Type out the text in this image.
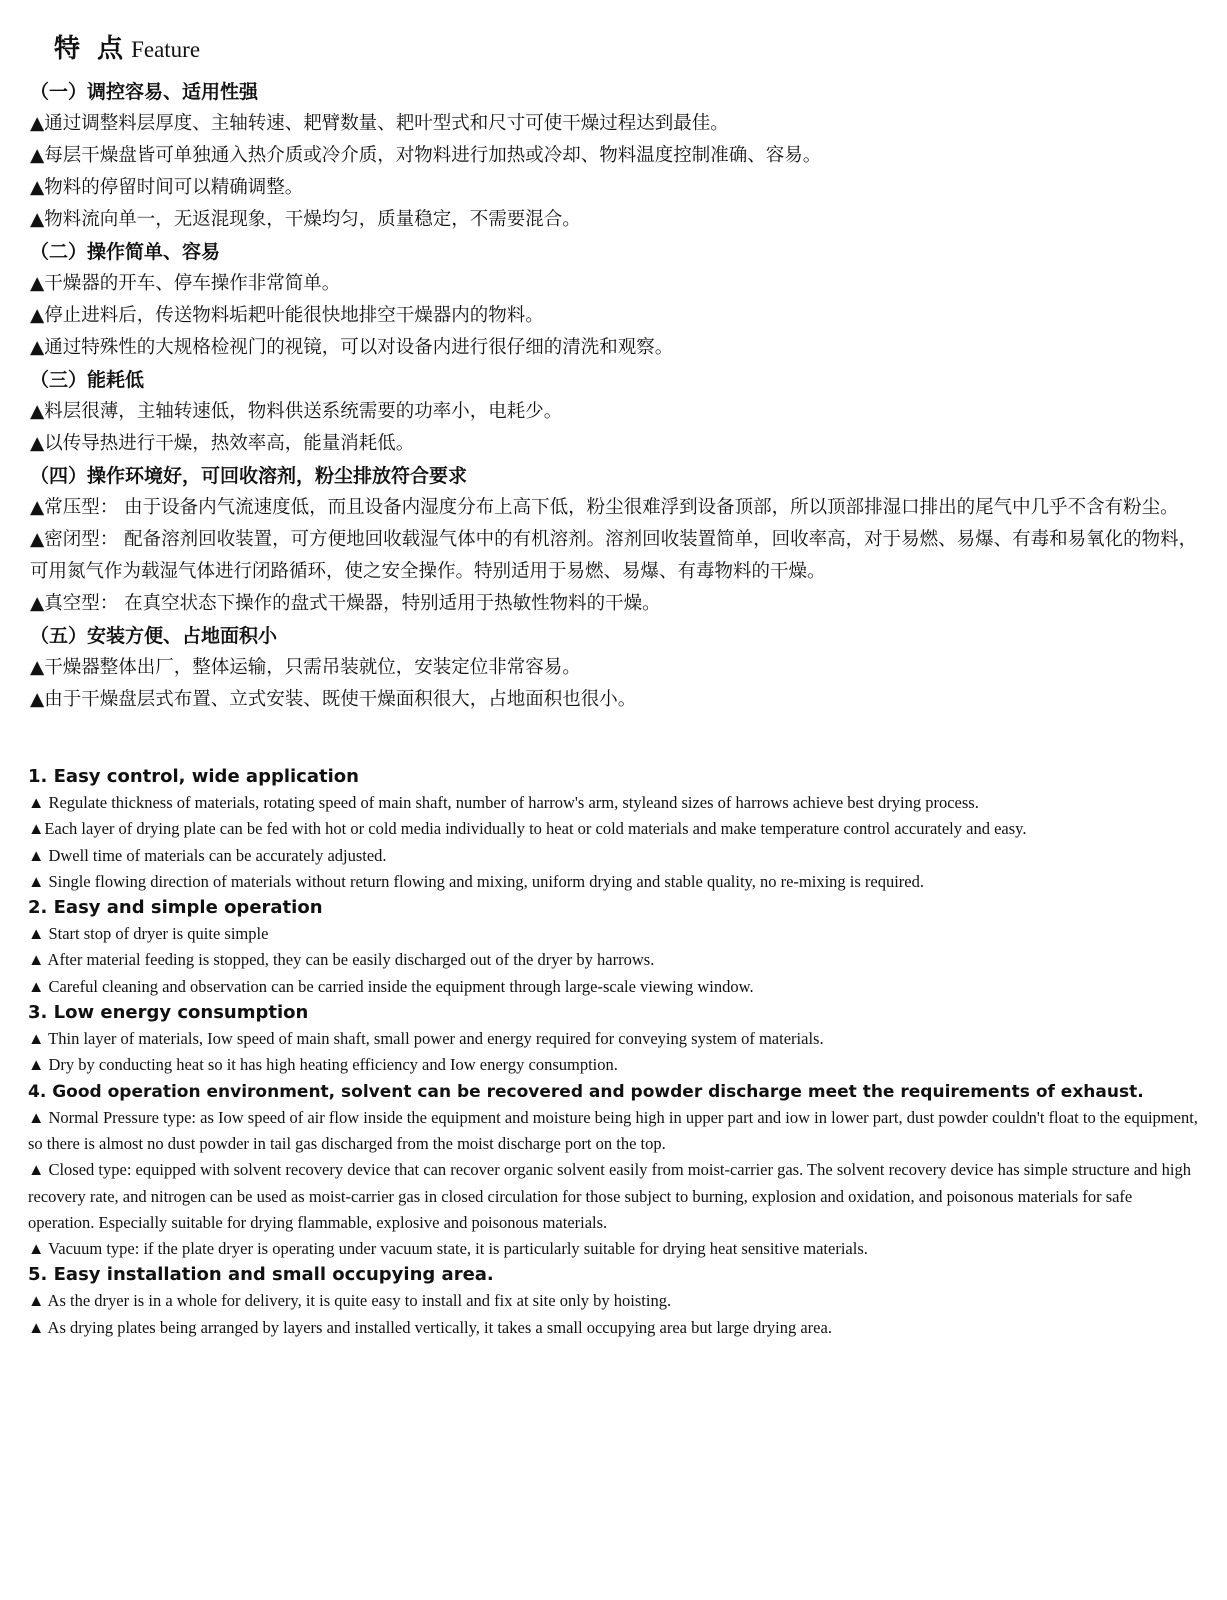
特 点 Feature
（一）调控容易、适用性强
▲通过调整料层厚度、主轴转速、耙臂数量、耙叶型式和尺寸可使干燥过程达到最佳。
▲每层干燥盘皆可单独通入热介质或冷介质，对物料进行加热或冷却、物料温度控制准确、容易。
▲物料的停留时间可以精确调整。
▲物料流向单一，无返混现象，干燥均匀，质量稳定，不需要混合。
（二）操作简单、容易
▲干燥器的开车、停车操作非常简单。
▲停止进料后，传送物料垢耙叶能很快地排空干燥器内的物料。
▲通过特殊性的大规格检视门的视镜，可以对设备内进行很仔细的清洗和观察。
（三）能耗低
▲料层很薄，主轴转速低，物料供送系统需要的功率小，电耗少。
▲以传导热进行干燥，热效率高，能量消耗低。
（四）操作环境好，可回收溶剂，粉尘排放符合要求
▲常压型： 由于设备内气流速度低，而且设备内湿度分布上高下低，粉尘很难浮到设备顶部，所以顶部排湿口排出的尾气中几乎不含有粉尘。
▲密闭型： 配备溶剂回收装置，可方便地回收载湿气体中的有机溶剂。溶剂回收装置简单，回收率高，对于易燃、易爆、有毒和易氧化的物料，可用氮气作为载湿气体进行闭路循环，使之安全操作。特别适用于易燃、易爆、有毒物料的干燥。
▲真空型： 在真空状态下操作的盘式干燥器，特别适用于热敏性物料的干燥。
（五）安装方便、占地面积小
▲干燥器整体出厂，整体运输，只需吊装就位，安装定位非常容易。
▲由于干燥盘层式布置、立式安装、既使干燥面积很大，占地面积也很小。
1. Easy control, wide application
▲ Regulate thickness of materials, rotating speed of main shaft, number of harrow's arm, styleand sizes of harrows achieve best drying process.
▲Each layer of drying plate can be fed with hot or cold media individually to heat or cold materials and make temperature control accurately and easy.
▲ Dwell time of materials can be accurately adjusted.
▲ Single flowing direction of materials without return flowing and mixing, uniform drying and stable quality, no re-mixing is required.
2. Easy and simple operation
▲ Start stop of dryer is quite simple
▲ After material feeding is stopped, they can be easily discharged out of the dryer by harrows.
▲ Careful cleaning and observation can be carried inside the equipment through large-scale viewing window.
3. Low energy consumption
▲ Thin layer of materials, Iow speed of main shaft, small power and energy required for conveying system of materials.
▲ Dry by conducting heat so it has high heating efficiency and Iow energy consumption.
4. Good operation environment, solvent can be recovered and powder discharge meet the requirements of exhaust.
▲ Normal Pressure type: as Iow speed of air flow inside the equipment and moisture being high in upper part and iow in lower part, dust powder couldn't float to the equipment, so there is almost no dust powder in tail gas discharged from the moist discharge port on the top.
▲ Closed type: equipped with solvent recovery device that can recover organic solvent easily from moist-carrier gas. The solvent recovery device has simple structure and high recovery rate, and nitrogen can be used as moist-carrier gas in closed circulation for those subject to burning, explosion and oxidation, and poisonous materials for safe operation. Especially suitable for drying flammable, explosive and poisonous materials.
▲ Vacuum type: if the plate dryer is operating under vacuum state, it is particularly suitable for drying heat sensitive materials.
5. Easy installation and small occupying area.
▲ As the dryer is in a whole for delivery, it is quite easy to install and fix at site only by hoisting.
▲ As drying plates being arranged by layers and installed vertically, it takes a small occupying area but large drying area.
